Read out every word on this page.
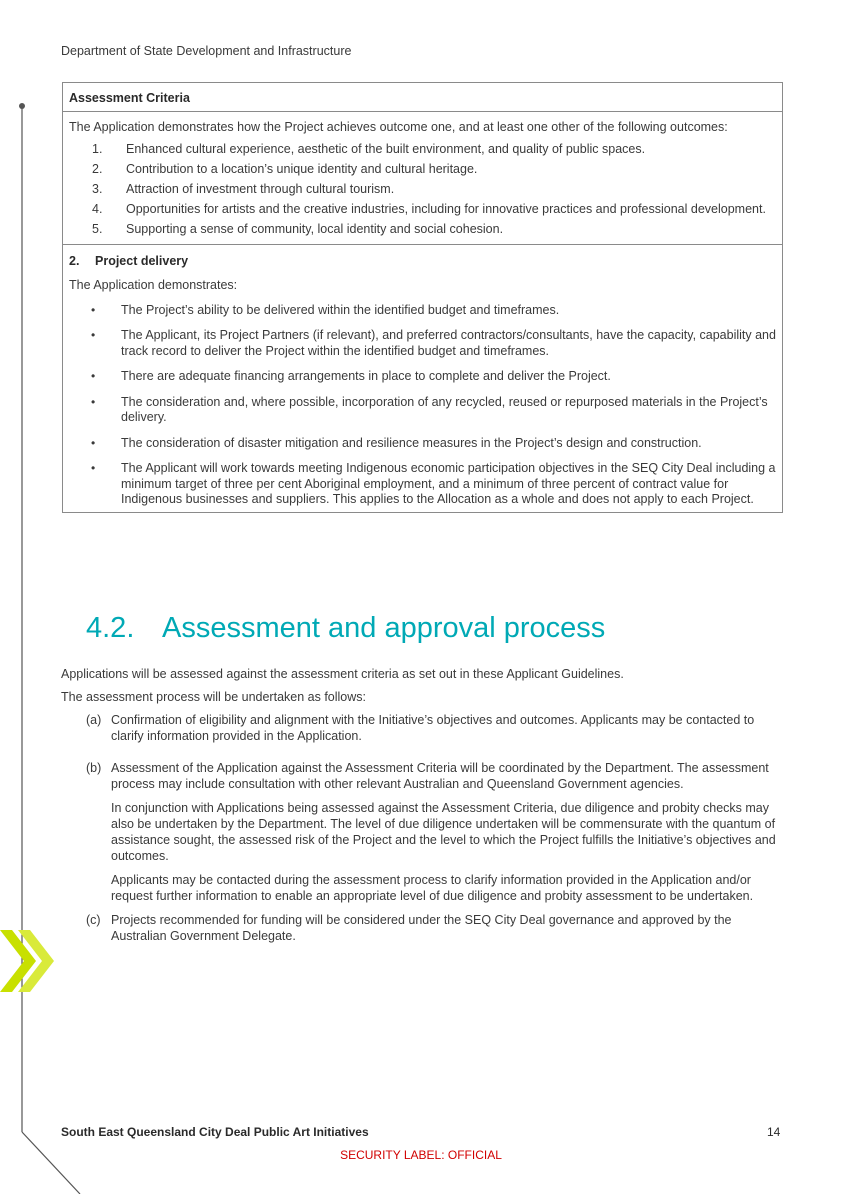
Department of State Development and Infrastructure
Assessment Criteria
The Application demonstrates how the Project achieves outcome one, and at least one other of the following outcomes:
1.	Enhanced cultural experience, aesthetic of the built environment, and quality of public spaces.
2.	Contribution to a location’s unique identity and cultural heritage.
3.	Attraction of investment through cultural tourism.
4.	Opportunities for artists and the creative industries, including for innovative practices and professional development.
5.	Supporting a sense of community, local identity and social cohesion.
2.	Project delivery
The Application demonstrates:
•	The Project’s ability to be delivered within the identified budget and timeframes.
•	The Applicant, its Project Partners (if relevant), and preferred contractors/consultants, have the capacity, capability and track record to deliver the Project within the identified budget and timeframes.
•	There are adequate financing arrangements in place to complete and deliver the Project.
•	The consideration and, where possible, incorporation of any recycled, reused or repurposed materials in the Project’s delivery.
•	The consideration of disaster mitigation and resilience measures in the Project’s design and construction.
•	The Applicant will work towards meeting Indigenous economic participation objectives in the SEQ City Deal including a minimum target of three per cent Aboriginal employment, and a minimum of three percent of contract value for Indigenous businesses and suppliers. This applies to the Allocation as a whole and does not apply to each Project.
4.2. Assessment and approval process

Applications will be assessed against the assessment criteria as set out in these Applicant Guidelines.

The assessment process will be undertaken as follows:

(a) Confirmation of eligibility and alignment with the Initiative’s objectives and outcomes. Applicants may be contacted to clarify information provided in the Application.

(b) Assessment of the Application against the Assessment Criteria will be coordinated by the Department. The assessment process may include consultation with other relevant Australian and Queensland Government agencies.

In conjunction with Applications being assessed against the Assessment Criteria, due diligence and probity checks may also be undertaken by the Department. The level of due diligence undertaken will be commensurate with the quantum of assistance sought, the assessed risk of the Project and the level to which the Project fulfills the Initiative’s objectives and outcomes.

Applicants may be contacted during the assessment process to clarify information provided in the Application and/or request further information to enable an appropriate level of due diligence and probity assessment to be undertaken.

(c) Projects recommended for funding will be considered under the SEQ City Deal governance and approved by the Australian Government Delegate.

South East Queensland City Deal Public Art Initiatives	14
SECURITY LABEL: OFFICIAL
